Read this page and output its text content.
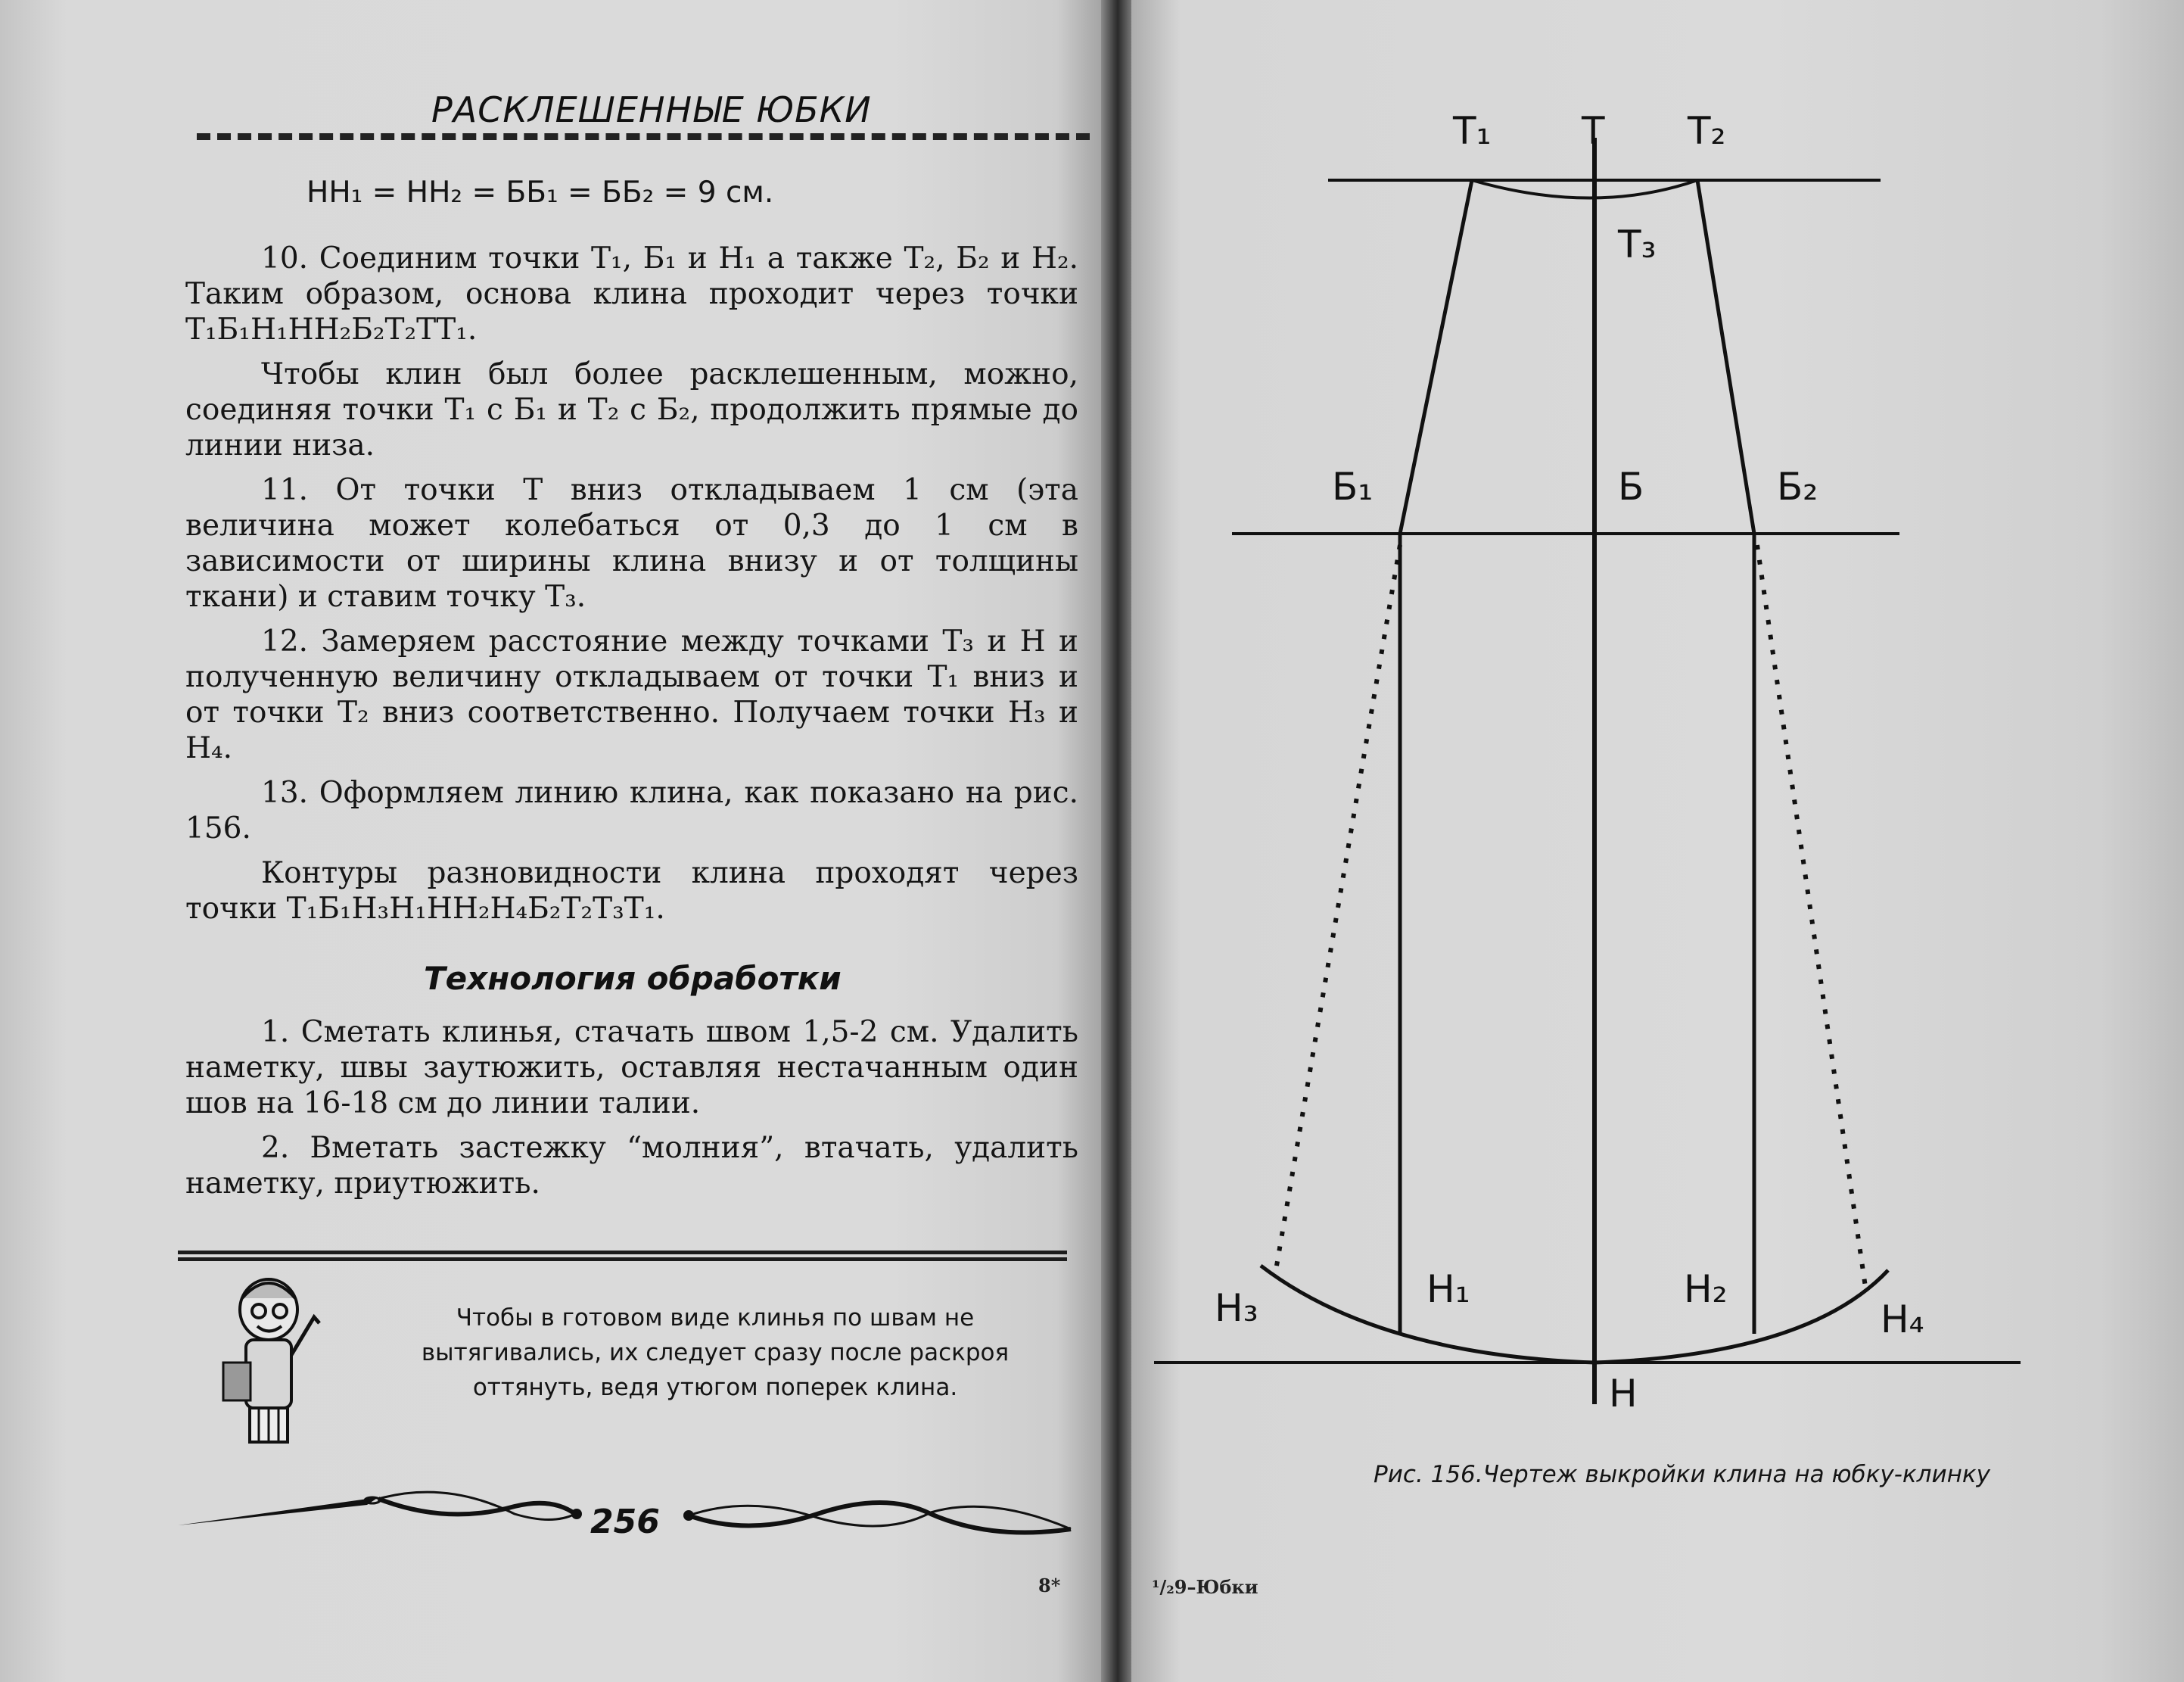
РАСКЛЕШЕННЫЕ ЮБКИ
НН₁ = НН₂ = ББ₁ = ББ₂ = 9 см.

10. Соединим точки Т₁, Б₁ и Н₁ а также Т₂, Б₂ и Н₂. Таким образом, основа клина проходит через точки Т₁Б₁Н₁НН₂Б₂Т₂ТТ₁.

Чтобы клин был более расклешенным, можно, соединяя точки Т₁ с Б₁ и Т₂ с Б₂, продолжить прямые до линии низа.

11. От точки Т вниз откладываем 1 см (эта величина может колебаться от 0,3 до 1 см в зависимости от ширины клина внизу и от толщины ткани) и ставим точку Т₃.

12. Замеряем расстояние между точками Т₃ и Н и полученную величину откладываем от точки Т₁ вниз и от точки Т₂ вниз соответственно. Получаем точки Н₃ и Н₄.

13. Оформляем линию клина, как показано на рис. 156.

Контуры разновидности клина проходят через точки Т₁Б₁Н₃Н₁НН₂Н₄Б₂Т₂Т₃Т₁.

Технология обработки

1. Сметать клинья, стачать швом 1,5-2 см. Удалить наметку, швы заутюжить, оставляя нестачанным один шов на 16-18 см до линии талии.

2. Вметать застежку “молния”, втачать, удалить наметку, приутюжить.

Чтобы в готовом виде клинья по швам не вытягивались, их следует сразу после раскроя оттянуть, ведя утюгом поперек клина.
256
8*
Т₁ Т Т₂
Т₃
Б₁	Б	Б₂
Н₃	Н₁	Н₂
Н₄
Н
Рис. 156.Чертеж выкройки клина на юбку-клинку
¹/₂9–Юбки
